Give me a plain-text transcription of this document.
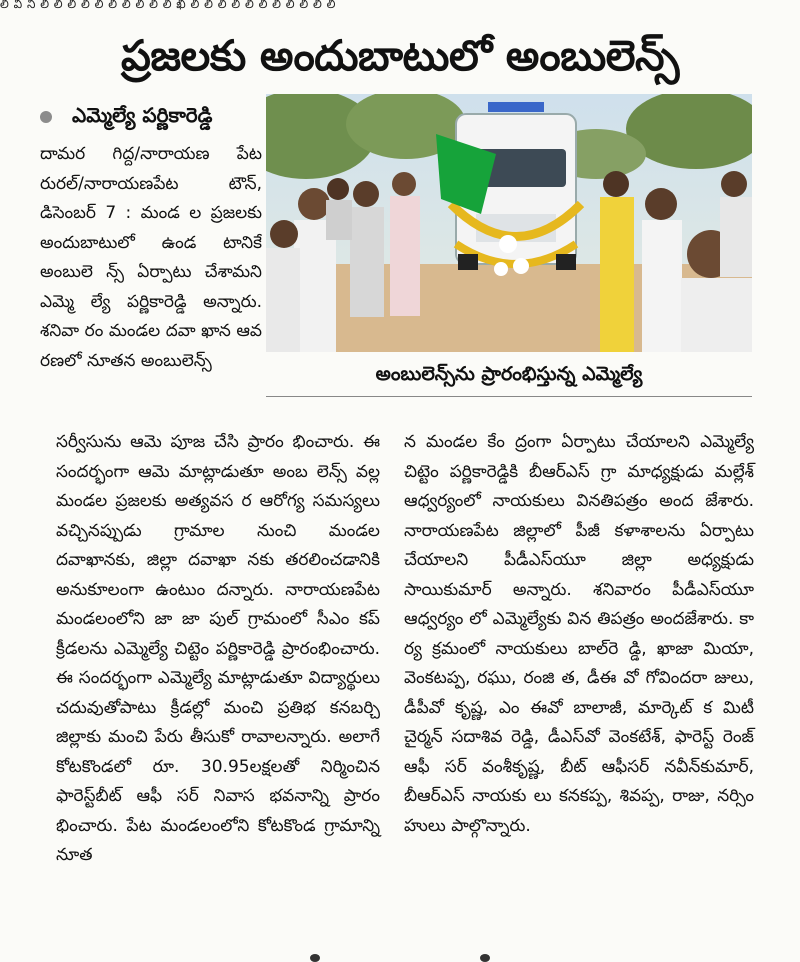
లి వి ని లి లి లి లి లి లి లి లి లి లి ఖి లి లి లి లి లి లి లి లి లి లి లి
ప్రజలకు అందుబాటులో అంబులెన్స్
ఎమ్మెల్యే పర్ణికారెడ్డి
అంబులెన్స్‌ను ప్రారంభిస్తున్న ఎమ్మెల్యే

దామర గిద్ద/నారాయణ పేట రురల్/నారాయణపేట టౌన్, డిసెంబర్ 7 : మండ ల ప్రజలకు అందుబాటులో ఉండ టానికే అంబులె న్స్ ఏర్పాటు చేశామని ఎమ్మె ల్యే పర్ణికారెడ్డి అన్నారు. శనివా రం మండల దవా ఖాన ఆవ రణలో నూతన అంబులెన్స్

సర్వీసును ఆమె పూజ చేసి ప్రారం భించారు. ఈ సందర్భంగా ఆమె మాట్లాడుతూ అంబ లెన్స్ వల్ల మండల ప్రజలకు అత్యవస ర ఆరోగ్య సమస్యలు వచ్చినప్పుడు గ్రామాల నుంచి మండల దవాఖానకు, జిల్లా దవాఖా నకు తరలించడానికి అనుకూలంగా ఉంటుం దన్నారు. నారాయణపేట మండలంలోని జా జా పుల్ గ్రామంలో సీఎం కప్ క్రీడలను ఎమ్మెల్యే చిట్టెం పర్ణికారెడ్డి ప్రారంభించారు. ఈ సందర్భంగా ఎమ్మెల్యే మాట్లాడుతూ విద్యార్థులు చదువుతోపాటు క్రీడల్లో మంచి ప్రతిభ కనబర్చి జిల్లాకు మంచి పేరు తీసుకో రావాలన్నారు. అలాగే కోటకొండలో రూ. 30.95లక్షలతో నిర్మించిన ఫారెస్ట్‌బీట్ ఆఫీ సర్ నివాస భవనాన్ని ప్రారం భించారు. పేట మండలంలోని కోటకొండ గ్రామాన్ని నూత

న మండల కేం ద్రంగా ఏర్పాటు చేయాలని ఎమ్మెల్యే చిట్టెం పర్ణికారెడ్డికి బీఆర్‌ఎస్ గ్రా మాధ్యక్షుడు మల్లేశ్ ఆధ్వర్యంలో నాయకులు వినతిపత్రం అంద జేశారు. నారాయణపేట జిల్లాలో పీజీ కళాశాలను ఏర్పాటు చేయాలని పీడీఎస్‌యూ జిల్లా అధ్యక్షుడు సాయికుమార్ అన్నారు. శనివారం పీడీఎస్‌యూ ఆధ్వర్యం లో ఎమ్మెల్యేకు విన తిపత్రం అందజేశారు. కా ర్య క్రమంలో నాయకులు బాల్‌రె డ్డి, ఖాజా మియా, వెంకటప్ప, రఘు, రంజి త, డీఈ వో గోవిందరా జులు, డీపీవో కృష్ణ, ఎం ఈవో బాలాజీ, మార్కెట్ క మిటీ చైర్మన్ సదాశివ రెడ్డి, డీఎస్‌వో వెంకటేశ్, ఫారెస్ట్ రెంజ్ ఆఫీ సర్ వంశీకృష్ణ, బీట్ ఆఫీసర్ నవీన్‌కుమార్, బీఆర్‌ఎస్ నాయకు లు కనకప్ప, శివప్ప, రాజు, నర్సిం హులు పాల్గొన్నారు.
